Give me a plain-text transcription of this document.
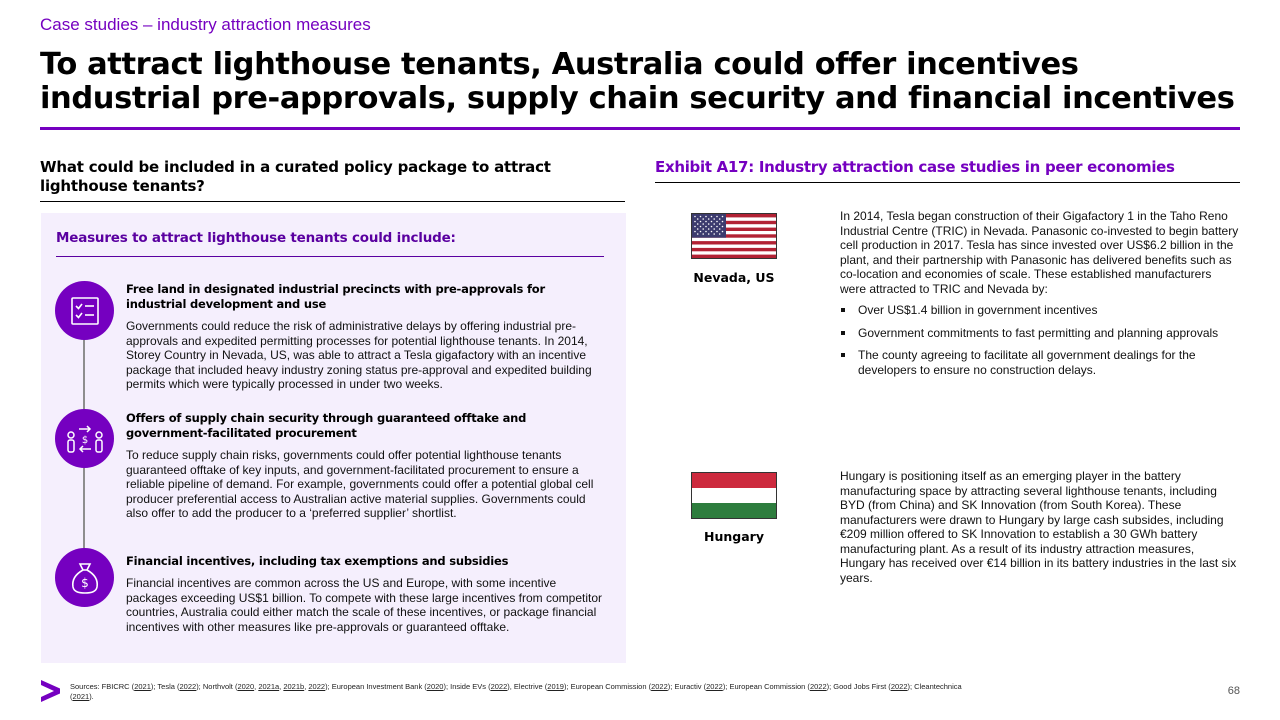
Case studies – industry attraction measures
To attract lighthouse tenants, Australia could offer incentives industrial pre-approvals, supply chain security and financial incentives
What could be included in a curated policy package to attract lighthouse tenants?
Measures to attract lighthouse tenants could include:
Free land in designated industrial precincts with pre-approvals for industrial development and use
Governments could reduce the risk of administrative delays by offering industrial pre-approvals and expedited permitting processes for potential lighthouse tenants. In 2014, Storey Country in Nevada, US, was able to attract a Tesla gigafactory with an incentive package that included heavy industry zoning status pre-approval and expedited building permits which were typically processed in under two weeks.
$
Offers of supply chain security through guaranteed offtake and government-facilitated procurement
To reduce supply chain risks, governments could offer potential lighthouse tenants guaranteed offtake of key inputs, and government-facilitated procurement to ensure a reliable pipeline of demand. For example, governments could offer a potential global cell producer preferential access to Australian active material supplies. Governments could also offer to add the producer to a ‘preferred supplier’ shortlist.
$
Financial incentives, including tax exemptions and subsidies
Financial incentives are common across the US and Europe, with some incentive packages exceeding US$1 billion. To compete with these large incentives from competitor countries, Australia could either match the scale of these incentives, or package financial incentives with other measures like pre-approvals or guaranteed offtake.
Exhibit A17: Industry attraction case studies in peer economies
Nevada, US
In 2014, Tesla began construction of their Gigafactory 1 in the Taho Reno Industrial Centre (TRIC) in Nevada. Panasonic co-invested to begin battery cell production in 2017. Tesla has since invested over US$6.2 billion in the plant, and their partnership with Panasonic has delivered benefits such as co-location and economies of scale. These established manufacturers were attracted to TRIC and Nevada by:
Over US$1.4 billion in government incentives
Government commitments to fast permitting and planning approvals
The county agreeing to facilitate all government dealings for the developers to ensure no construction delays.
Hungary
Hungary is positioning itself as an emerging player in the battery manufacturing space by attracting several lighthouse tenants, including BYD (from China) and SK Innovation (from South Korea). These manufacturers were drawn to Hungary by large cash subsides, including €209 million offered to SK Innovation to establish a 30 GWh battery manufacturing plant. As a result of its industry attraction measures, Hungary has received over €14 billion in its battery industries in the last six years.
Sources: FBICRC (2021); Tesla (2022); Northvolt (2020, 2021a, 2021b, 2022); European Investment Bank (2020); Inside EVs (2022), Electrive (2019); European Commission (2022); Euractiv (2022); European Commission (2022); Good Jobs First (2022); Cleantechnica (2021).	68
